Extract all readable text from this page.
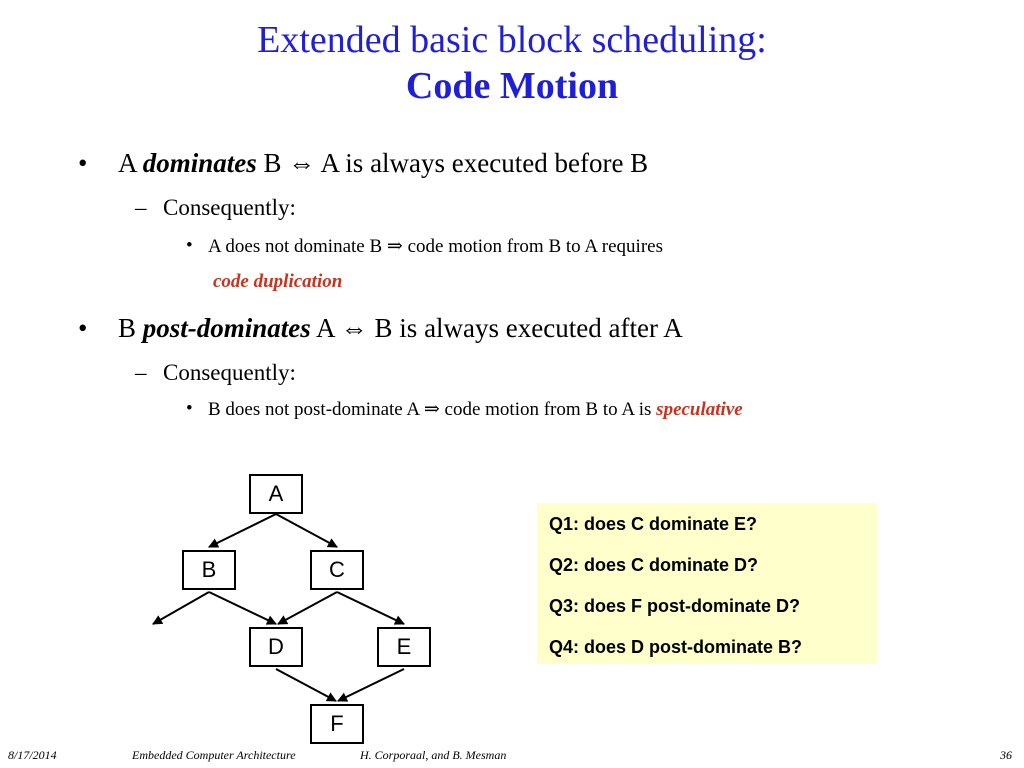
Extended basic block scheduling:
Code Motion
• A dominates B ⇔ A is always executed before B
– Consequently:
• A does not dominate B ⇒ code motion from B to A requires
code duplication
• B post-dominates A ⇔ B is always executed after A
– Consequently:
• B does not post-dominate A ⇒ code motion from B to A is speculative
A
B	C
D	E
F
Q1: does C dominate E?
Q2: does C dominate D?
Q3: does F post-dominate D?
Q4: does D post-dominate B?
8/17/2014	Embedded Computer Architecture	H. Corporaal, and B. Mesman	36
